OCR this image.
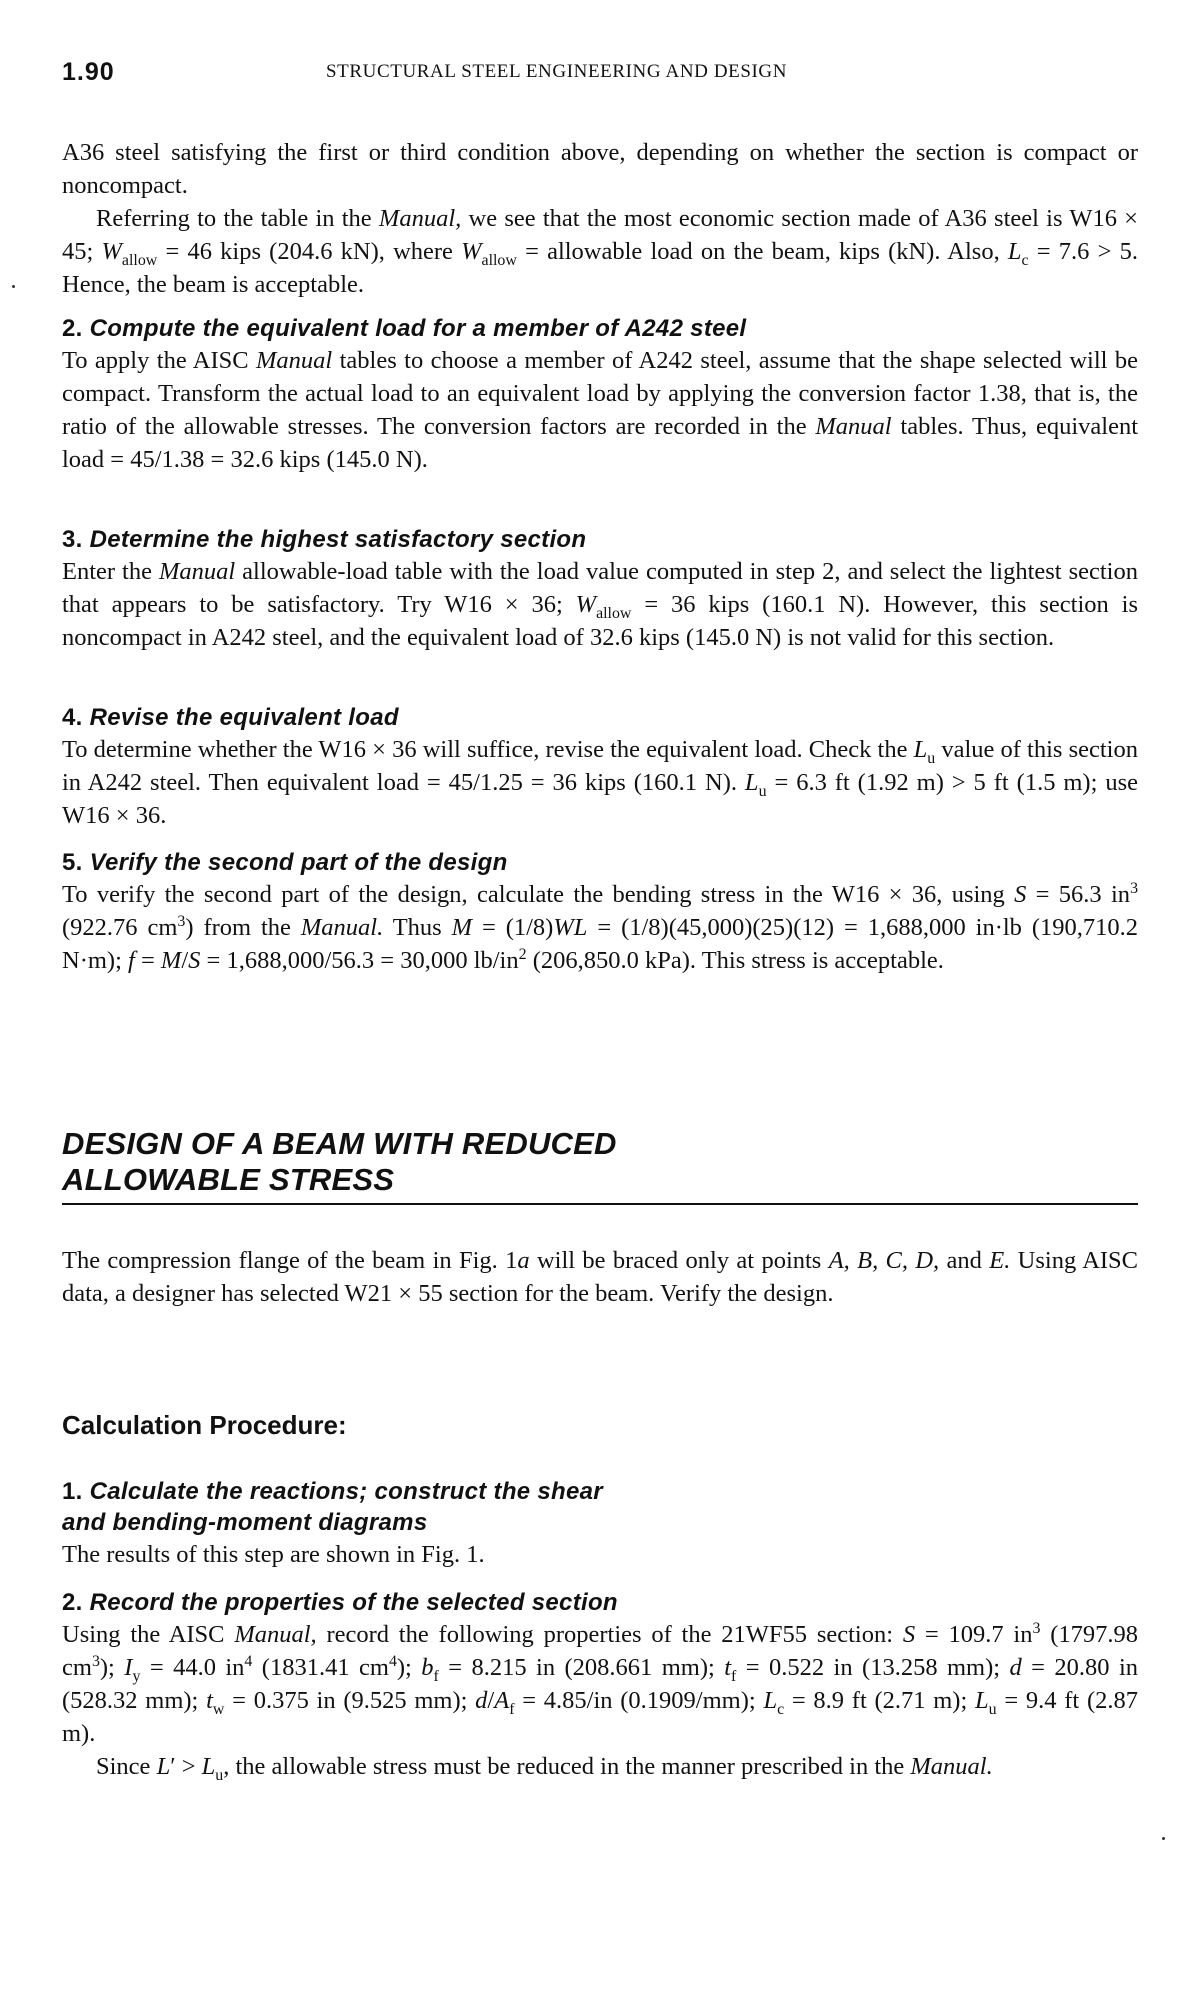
1.90	STRUCTURAL STEEL ENGINEERING AND DESIGN

A36 steel satisfying the first or third condition above, depending on whether the section is compact or noncompact.

Referring to the table in the Manual, we see that the most economic section made of A36 steel is W16 × 45; $W_{allow} = 46$ kips (204.6 kN), where $W_{allow}$ = allowable load on the beam, kips (kN). Also, $L_c = 7.6 > 5$. Hence, the beam is acceptable.

2. Compute the equivalent load for a member of A242 steel

To apply the AISC Manual tables to choose a member of A242 steel, assume that the shape selected will be compact. Transform the actual load to an equivalent load by applying the conversion factor 1.38, that is, the ratio of the allowable stresses. The conversion factors are recorded in the Manual tables. Thus, equivalent load = 45/1.38 = 32.6 kips (145.0 N).

3. Determine the highest satisfactory section

Enter the Manual allowable-load table with the load value computed in step 2, and select the lightest section that appears to be satisfactory. Try W16 × 36; $W_{allow} = 36$ kips (160.1 N). However, this section is noncompact in A242 steel, and the equivalent load of 32.6 kips (145.0 N) is not valid for this section.

4. Revise the equivalent load

To determine whether the W16 × 36 will suffice, revise the equivalent load. Check the $L_u$ value of this section in A242 steel. Then equivalent load = 45/1.25 = 36 kips (160.1 N). $L_u = 6.3$ ft (1.92 m) > 5 ft (1.5 m); use W16 × 36.

5. Verify the second part of the design

To verify the second part of the design, calculate the bending stress in the W16 × 36, using S = 56.3 $in^3$ (922.76 $cm^3$) from the Manual. Thus M = (1/8)WL = (1/8)(45,000)(25)(12) = 1,688,000 in·lb (190,710.2 N·m); f = M/S = 1,688,000/56.3 = 30,000 $lb/in^2$ (206,850.0 kPa). This stress is acceptable.

DESIGN OF A BEAM WITH REDUCED
ALLOWABLE STRESS

The compression flange of the beam in Fig. 1a will be braced only at points A, B, C, D, and E. Using AISC data, a designer has selected W21 × 55 section for the beam. Verify the design.

Calculation Procedure:
1. Calculate the reactions; construct the shear
and bending-moment diagrams

The results of this step are shown in Fig. 1.

2. Record the properties of the selected section

Using the AISC Manual, record the following properties of the 21WF55 section: S = 109.7 $in^3$ (1797.98 $cm^3$); $I_y = 44.0$ $in^4$ (1831.41 $cm^4$); $b_f = 8.215$ in (208.661 mm); $t_f = 0.522$ in (13.258 mm); d = 20.80 in (528.32 mm); $t_w = 0.375$ in (9.525 mm); $d/A_f = 4.85/in$ (0.1909/mm); $L_c = 8.9$ ft (2.71 m); $L_u = 9.4$ ft (2.87 m).

Since $L' > L_u$, the allowable stress must be reduced in the manner prescribed in the Manual.
